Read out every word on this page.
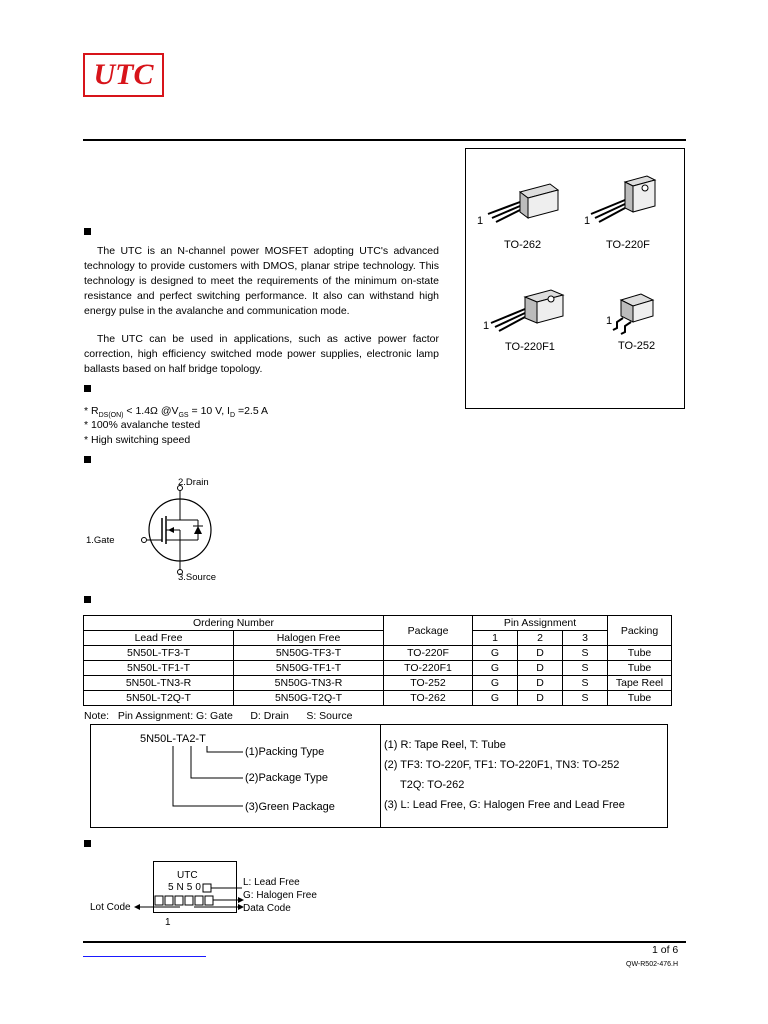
UTC
1
TO-262
1
TO-220F
1
TO-220F1
1
TO-252
The UTC is an N-channel power MOSFET adopting UTC's advanced technology to provide customers with DMOS, planar stripe technology. This technology is designed to meet the requirements of the minimum on-state resistance and perfect switching performance. It also can withstand high energy pulse in the avalanche and communication mode.
The UTC can be used in applications, such as active power factor correction, high efficiency switched mode power supplies, electronic lamp ballasts based on half bridge topology.
* $R_{DS(ON)} < 1.4\Omega$ $@V_{GS} = 10$ V, $I_D =2.5$ A
* 100% avalanche tested
* High switching speed
2.Drain
1.Gate
3.Source
Ordering Number		Package	Pin Assignment			Packing
Lead Free	Halogen Free		1	2	3	
5N50L-TF3-T	5N50G-TF3-T	TO-220F	G	D	S	Tube
5N50L-TF1-T	5N50G-TF1-T	TO-220F1	G	D	S	Tube
5N50L-TN3-R	5N50G-TN3-R	TO-252	G	D	S	Tape Reel
5N50L-T2Q-T	5N50G-T2Q-T	TO-262	G	D	S	Tube
Note:   Pin Assignment: G: Gate      D: Drain      S: Source
5N50L-TA2-T
(1)Packing Type
(2)Package Type
(3)Green Package
(1) R: Tape Reel, T: Tube
(2) TF3: TO-220F, TF1: TO-220F1, TN3: TO-252
T2Q: TO-262
(3) L: Lead Free, G: Halogen Free and Lead Free
UTC
5N50	L: Lead Free
G: Halogen Free
Data Code
Lot Code
1
1 of 6
QW-R502-476.H
